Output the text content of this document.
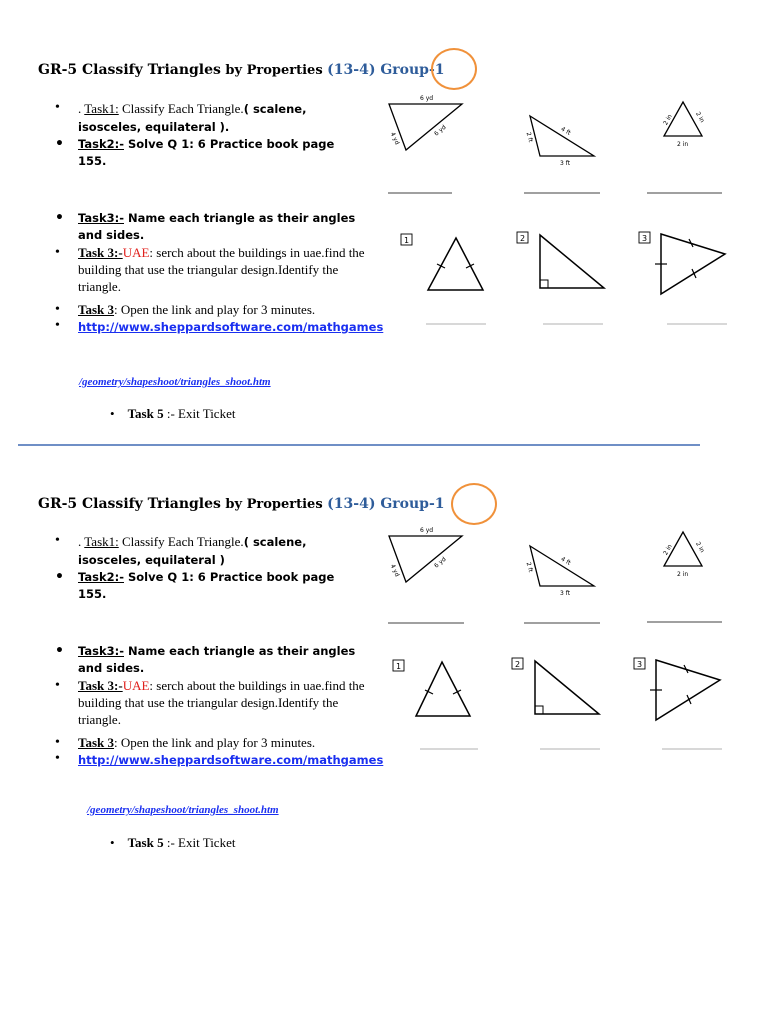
GR-5 Classify Triangles by Properties (13-4) Group-1

• . Task1: Classify Each Triangle.( scalene, isosceles, equilateral ).

• Task2:- Solve Q 1: 6 Practice book page 155.

• Task3:- Name each triangle as their angles and sides.

• Task 3:-UAE: serch about the buildings in uae.find the building that use the triangular design.Identify the triangle.

• Task 3: Open the link and play for 3 minutes.

• http://www.sheppardsoftware.com/mathgames

/geometry/shapeshoot/triangles_shoot.htm
•    Task 5 :- Exit Ticket
6 yd
4 yd
6 yd	2 ft
4 ft
3 ft
2 in	2 in
2 in
1	2	3
GR-5 Classify Triangles by Properties (13-4) Group-1

• . Task1: Classify Each Triangle.( scalene, isosceles, equilateral )

• Task2:- Solve Q 1: 6 Practice book page 155.

• Task3:- Name each triangle as their angles and sides.

• Task 3:-UAE: serch about the buildings in uae.find the building that use the triangular design.Identify the triangle.

• Task 3: Open the link and play for 3 minutes.

• http://www.sheppardsoftware.com/mathgames

/geometry/shapeshoot/triangles_shoot.htm
•    Task 5 :- Exit Ticket
6 yd
4 yd
6 yd	2 ft
4 ft
3 ft
2 in	2 in
2 in
1	2	3
